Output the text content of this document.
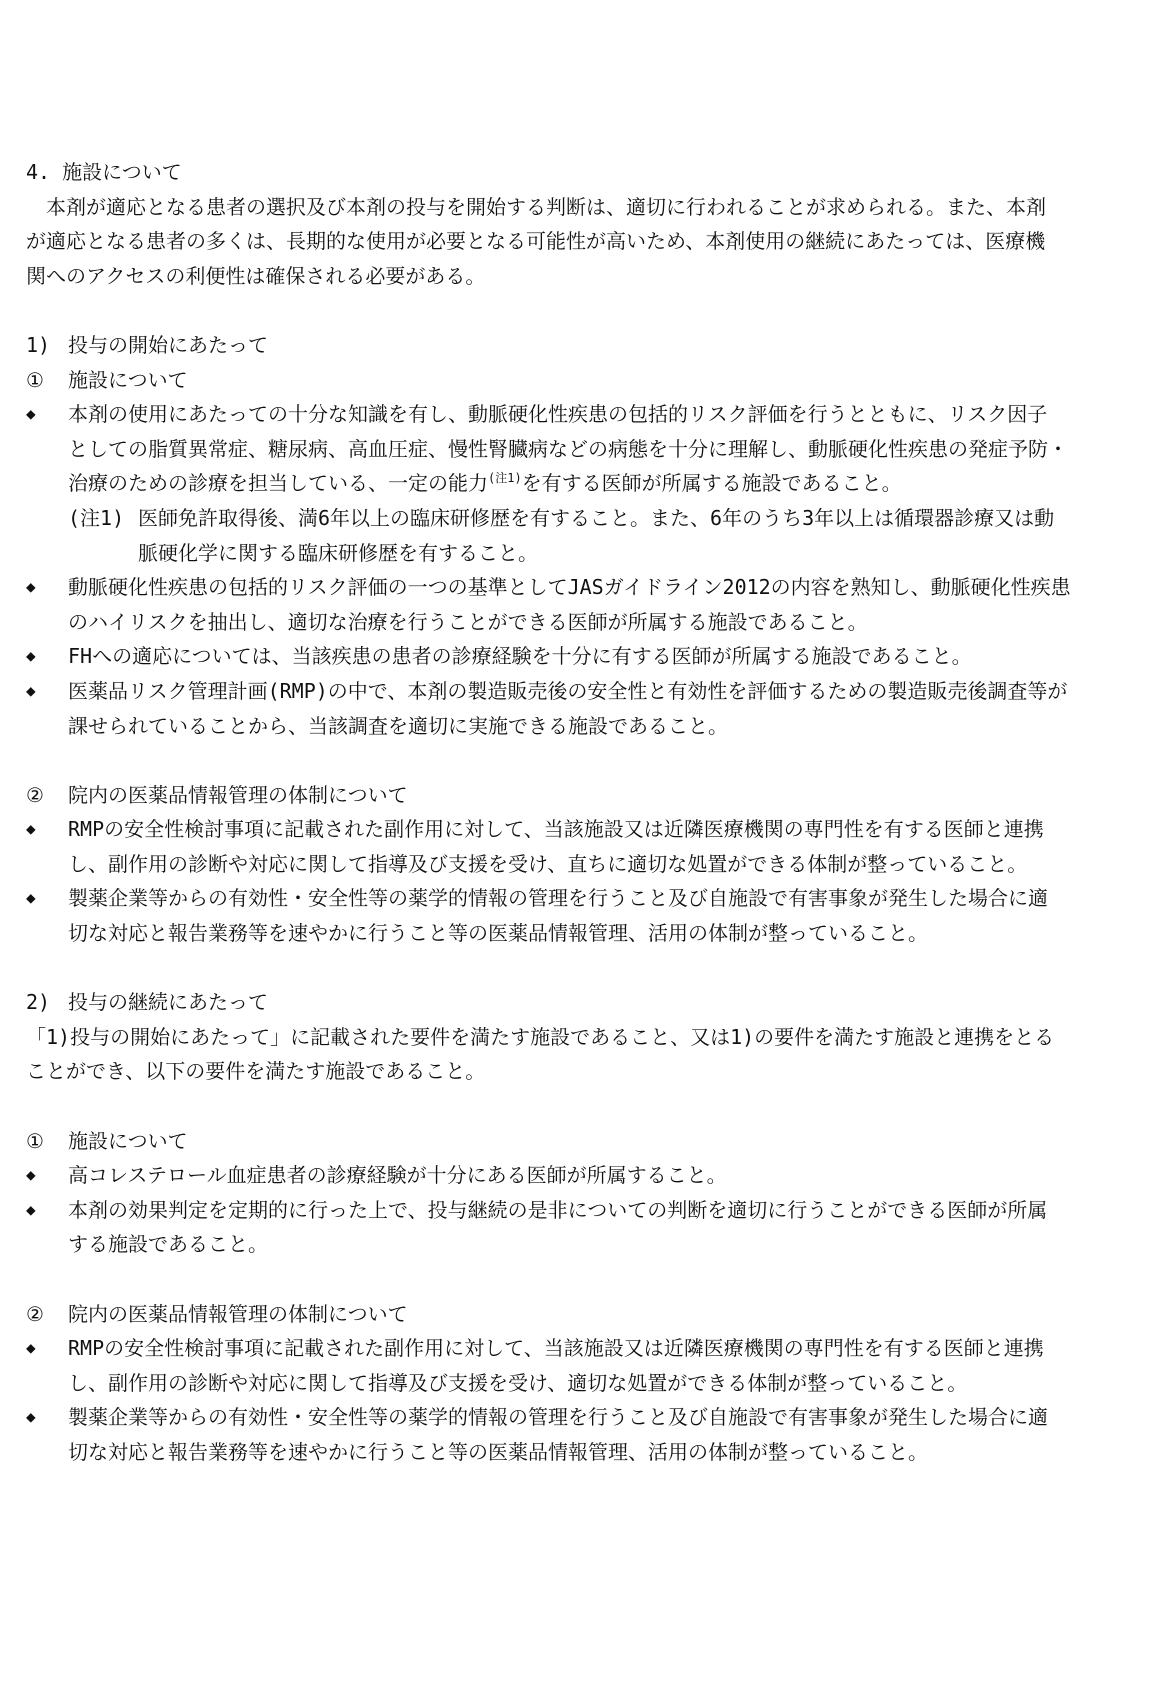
4. 施設について
本剤が適応となる患者の選択及び本剤の投与を開始する判断は、適切に行われることが求められる。また、本剤
が適応となる患者の多くは、長期的な使用が必要となる可能性が高いため、本剤使用の継続にあたっては、医療機
関へのアクセスの利便性は確保される必要がある。
1) 投与の開始にあたって
①	施設について
◆	本剤の使用にあたっての十分な知識を有し、動脈硬化性疾患の包括的リスク評価を行うとともに、リスク因子
としての脂質異常症、糖尿病、高血圧症、慢性腎臓病などの病態を十分に理解し、動脈硬化性疾患の発症予防・
治療のための診療を担当している、一定の能力$^{(注1)}$を有する医師が所属する施設であること。
(注1) 医師免許取得後、満6年以上の臨床研修歴を有すること。また、6年のうち3年以上は循環器診療又は動
脈硬化学に関する臨床研修歴を有すること。
◆	動脈硬化性疾患の包括的リスク評価の一つの基準としてJASガイドライン2012の内容を熟知し、動脈硬化性疾患
のハイリスクを抽出し、適切な治療を行うことができる医師が所属する施設であること。
◆	FHへの適応については、当該疾患の患者の診療経験を十分に有する医師が所属する施設であること。
◆	医薬品リスク管理計画(RMP)の中で、本剤の製造販売後の安全性と有効性を評価するための製造販売後調査等が
課せられていることから、当該調査を適切に実施できる施設であること。
②	院内の医薬品情報管理の体制について
◆	RMPの安全性検討事項に記載された副作用に対して、当該施設又は近隣医療機関の専門性を有する医師と連携
し、副作用の診断や対応に関して指導及び支援を受け、直ちに適切な処置ができる体制が整っていること。
◆	製薬企業等からの有効性・安全性等の薬学的情報の管理を行うこと及び自施設で有害事象が発生した場合に適
切な対応と報告業務等を速やかに行うこと等の医薬品情報管理、活用の体制が整っていること。
2) 投与の継続にあたって
「1)投与の開始にあたって」に記載された要件を満たす施設であること、又は1)の要件を満たす施設と連携をとる
ことができ、以下の要件を満たす施設であること。
①	施設について
◆	高コレステロール血症患者の診療経験が十分にある医師が所属すること。
◆	本剤の効果判定を定期的に行った上で、投与継続の是非についての判断を適切に行うことができる医師が所属
する施設であること。
②	院内の医薬品情報管理の体制について
◆	RMPの安全性検討事項に記載された副作用に対して、当該施設又は近隣医療機関の専門性を有する医師と連携
し、副作用の診断や対応に関して指導及び支援を受け、適切な処置ができる体制が整っていること。
◆	製薬企業等からの有効性・安全性等の薬学的情報の管理を行うこと及び自施設で有害事象が発生した場合に適
切な対応と報告業務等を速やかに行うこと等の医薬品情報管理、活用の体制が整っていること。
